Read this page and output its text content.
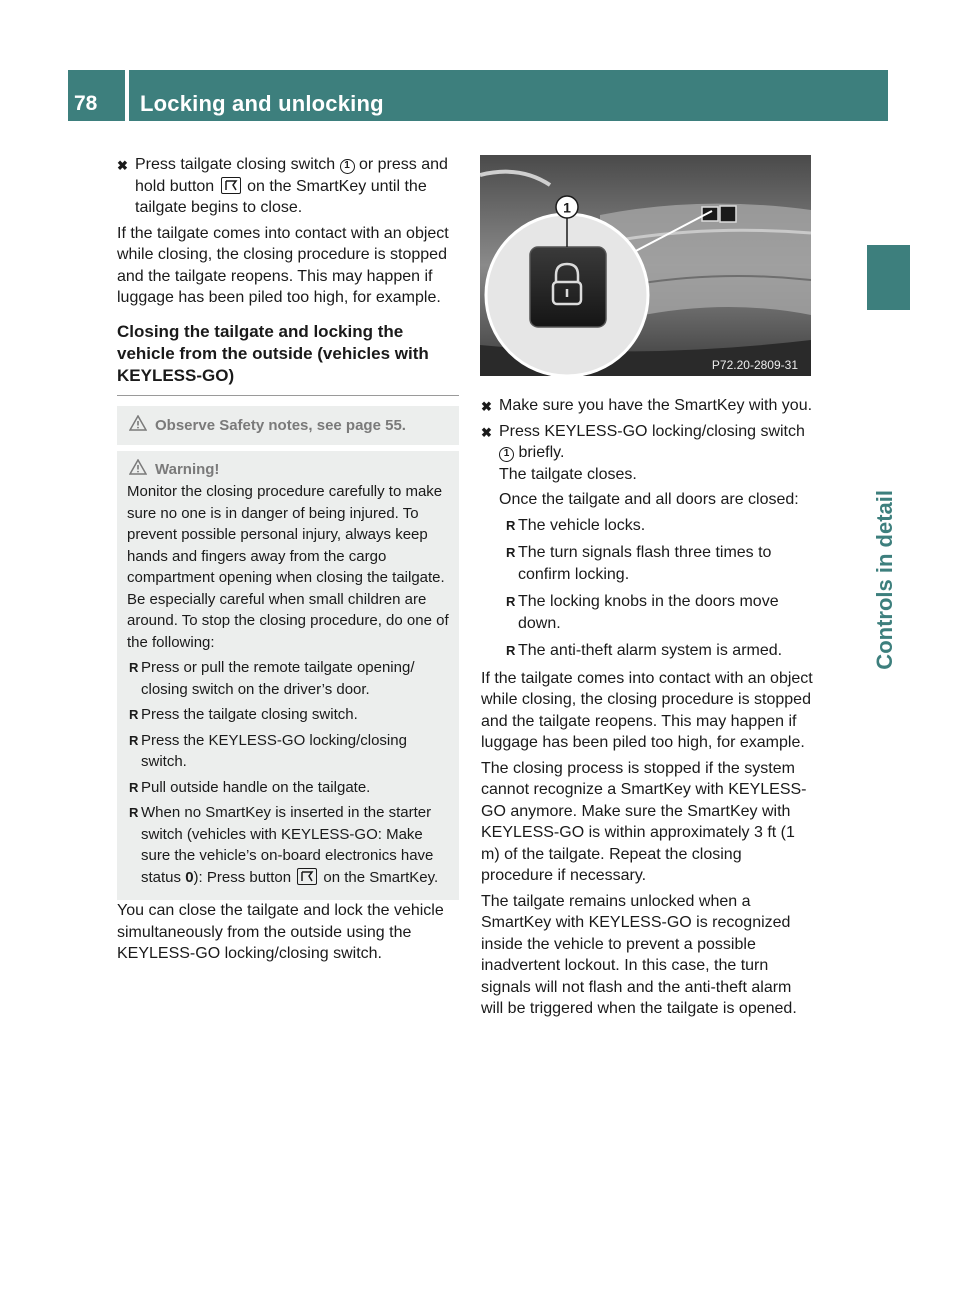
78 Locking and unlocking
Controls in detail
✖ Press tailgate closing switch 1 or press and hold button
on the SmartKey until the tailgate begins to close.

If the tailgate comes into contact with an object while closing, the closing procedure is stopped and the tailgate reopens. This may happen if luggage has been piled too high, for example.

Closing the tailgate and locking the vehicle from the outside (vehicles with KEYLESS-GO)
Observe Safety notes, see page 55.
Warning!

Monitor the closing procedure carefully to make sure no one is in danger of being injured. To prevent possible personal injury, always keep hands and fingers away from the cargo compartment opening when closing the tailgate. Be especially careful when small children are around. To stop the closing procedure, do one of the following:

R Press or pull the remote tailgate opening/ closing switch on the driver’s door.
R Press the tailgate closing switch.
R Press the KEYLESS-GO locking/closing switch.
R Pull outside handle on the tailgate.
R When no SmartKey is inserted in the starter switch (vehicles with KEYLESS-GO: Make sure the vehicle’s on-board electronics have status 0): Press button
on the SmartKey.

You can close the tailgate and lock the vehicle simultaneously from the outside using the KEYLESS-GO locking/closing switch.

1
P72.20-2809-31
✖ Make sure you have the SmartKey with you.
✖ Press KEYLESS-GO locking/closing switch 1 briefly.
The tailgate closes.
Once the tailgate and all doors are closed:
R The vehicle locks.
R The turn signals flash three times to confirm locking.
R The locking knobs in the doors move down.
R The anti-theft alarm system is armed.

If the tailgate comes into contact with an object while closing, the closing procedure is stopped and the tailgate reopens. This may happen if luggage has been piled too high, for example.

The closing process is stopped if the system cannot recognize a SmartKey with KEYLESS-GO anymore. Make sure the SmartKey with KEYLESS-GO is within approximately 3 ft (1 m) of the tailgate. Repeat the closing procedure if necessary.

The tailgate remains unlocked when a SmartKey with KEYLESS-GO is recognized inside the vehicle to prevent a possible inadvertent lockout. In this case, the turn signals will not flash and the anti-theft alarm will be triggered when the tailgate is opened.
